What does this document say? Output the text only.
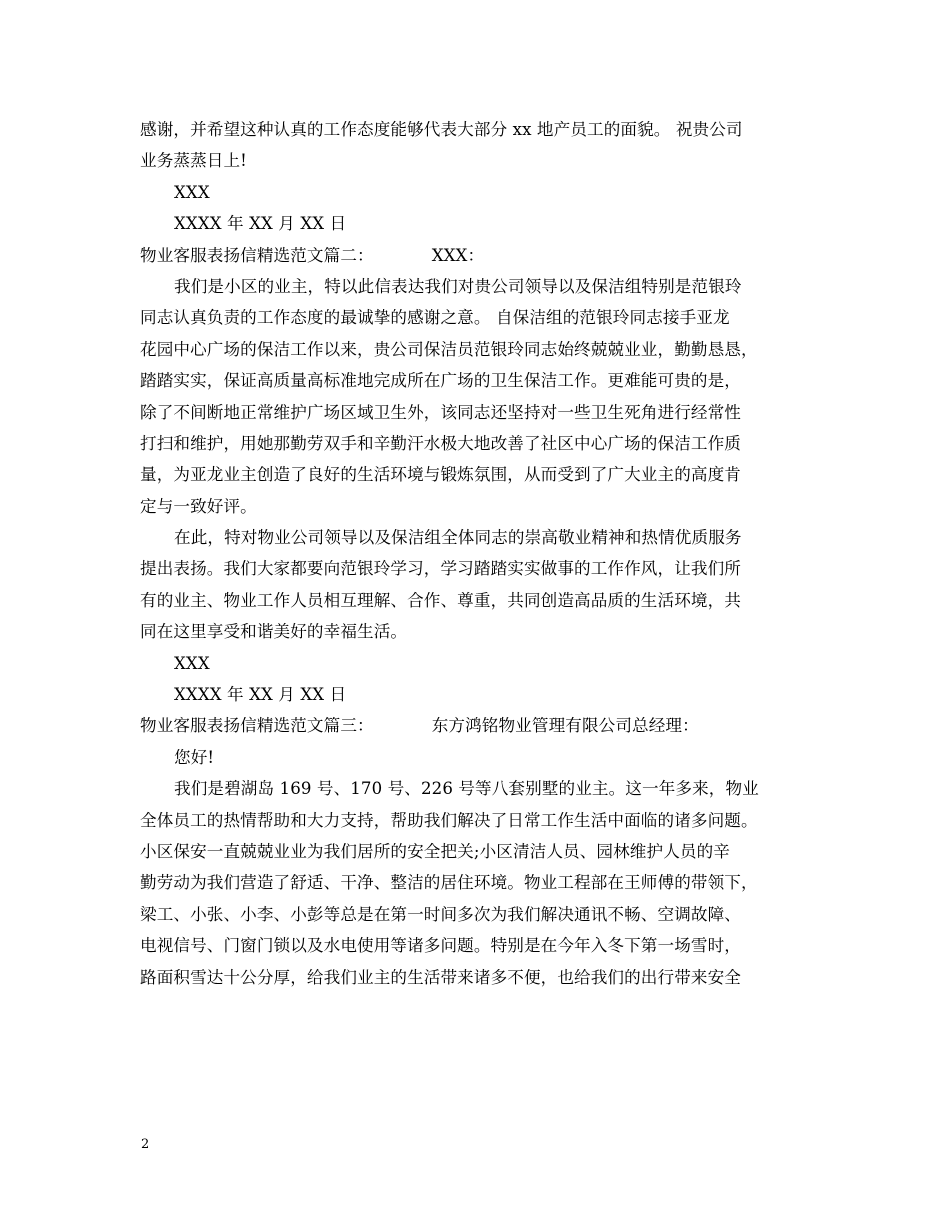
感谢，并希望这种认真的工作态度能够代表大部分 xx 地产员工的面貌。 祝贵公司
业务蒸蒸日上!
XXX
XXXX 年 XX 月 XX 日
物业客服表扬信精选范文篇二：	XXX：
我们是小区的业主，特以此信表达我们对贵公司领导以及保洁组特别是范银玲
同志认真负责的工作态度的最诚挚的感谢之意。 自保洁组的范银玲同志接手亚龙
花园中心广场的保洁工作以来，贵公司保洁员范银玲同志始终兢兢业业，勤勤恳恳，
踏踏实实，保证高质量高标准地完成所在广场的卫生保洁工作。更难能可贵的是，
除了不间断地正常维护广场区域卫生外，该同志还坚持对一些卫生死角进行经常性
打扫和维护，用她那勤劳双手和辛勤汗水极大地改善了社区中心广场的保洁工作质
量，为亚龙业主创造了良好的生活环境与锻炼氛围，从而受到了广大业主的高度肯
定与一致好评。
在此，特对物业公司领导以及保洁组全体同志的崇高敬业精神和热情优质服务
提出表扬。我们大家都要向范银玲学习，学习踏踏实实做事的工作作风，让我们所
有的业主、物业工作人员相互理解、合作、尊重，共同创造高品质的生活环境，共
同在这里享受和谐美好的幸福生活。
XXX
XXXX 年 XX 月 XX 日
物业客服表扬信精选范文篇三：	东方鸿铭物业管理有限公司总经理：
您好!
我们是碧湖岛 169 号、170 号、226 号等八套别墅的业主。这一年多来，物业
全体员工的热情帮助和大力支持，帮助我们解决了日常工作生活中面临的诸多问题。
小区保安一直兢兢业业为我们居所的安全把关;小区清洁人员、园林维护人员的辛
勤劳动为我们营造了舒适、干净、整洁的居住环境。物业工程部在王师傅的带领下，
梁工、小张、小李、小彭等总是在第一时间多次为我们解决通讯不畅、空调故障、
电视信号、门窗门锁以及水电使用等诸多问题。特别是在今年入冬下第一场雪时，
路面积雪达十公分厚，给我们业主的生活带来诸多不便，也给我们的出行带来安全
2
